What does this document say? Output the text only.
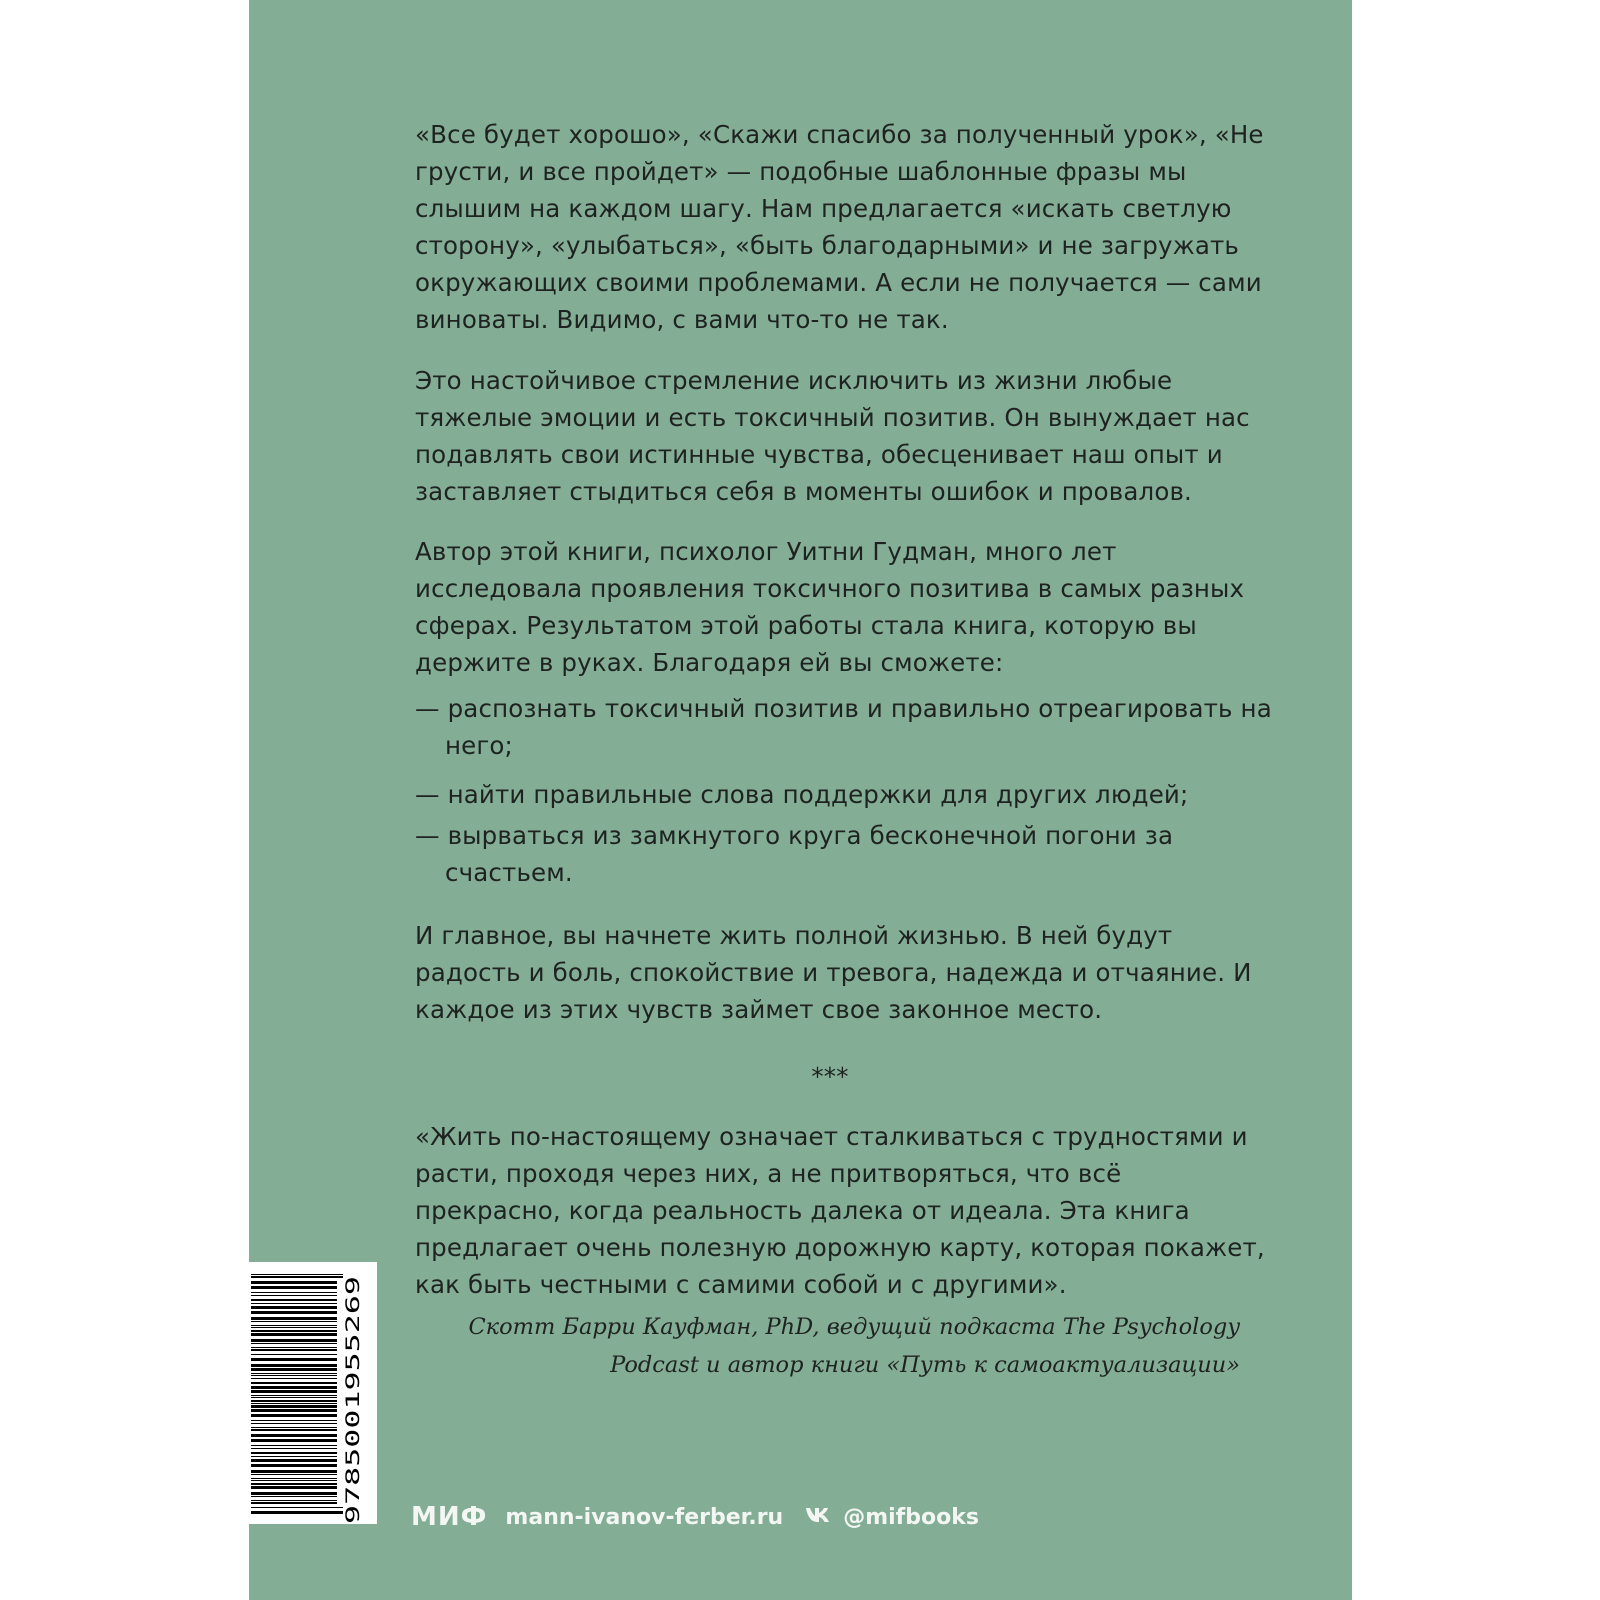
«Все будет хорошо», «Скажи спасибо за полученный урок», «Не грусти, и все пройдет» — подобные шаблонные фразы мы слышим на каждом шагу. Нам предлагается «искать светлую сторону», «улыбаться», «быть благодарными» и не загружать окружающих своими проблемами. А если не получается — сами виноваты. Видимо, с вами что-то не так.

Это настойчивое стремление исключить из жизни любые тяжелые эмоции и есть токсичный позитив. Он вынуждает нас подавлять свои истинные чувства, обесценивает наш опыт и заставляет стыдиться себя в моменты ошибок и провалов.

Автор этой книги, психолог Уитни Гудман, много лет исследовала проявления токсичного позитива в самых разных сферах. Результатом этой работы стала книга, которую вы держите в руках. Благодаря ей вы сможете:

— распознать токсичный позитив и правильно отреагировать на него;
— найти правильные слова поддержки для других людей;
— вырваться из замкнутого круга бесконечной погони за счастьем.

И главное, вы начнете жить полной жизнью. В ней будут радость и боль, спокойствие и тревога, надежда и отчаяние. И каждое из этих чувств займет свое законное место.

***

«Жить по-настоящему означает сталкиваться с трудностями и расти, проходя через них, а не притворяться, что всё прекрасно, когда реальность далека от идеала. Эта книга предлагает очень полезную дорожную карту, которая покажет, как быть честными с самими собой и с другими».

Скотт Барри Кауфман, PhD, ведущий подкаста The Psychology
Podcast и автор книги «Путь к самоактуализации»
9785001955269 МИФ mann-ivanov-ferber.ru	@mifbooks
